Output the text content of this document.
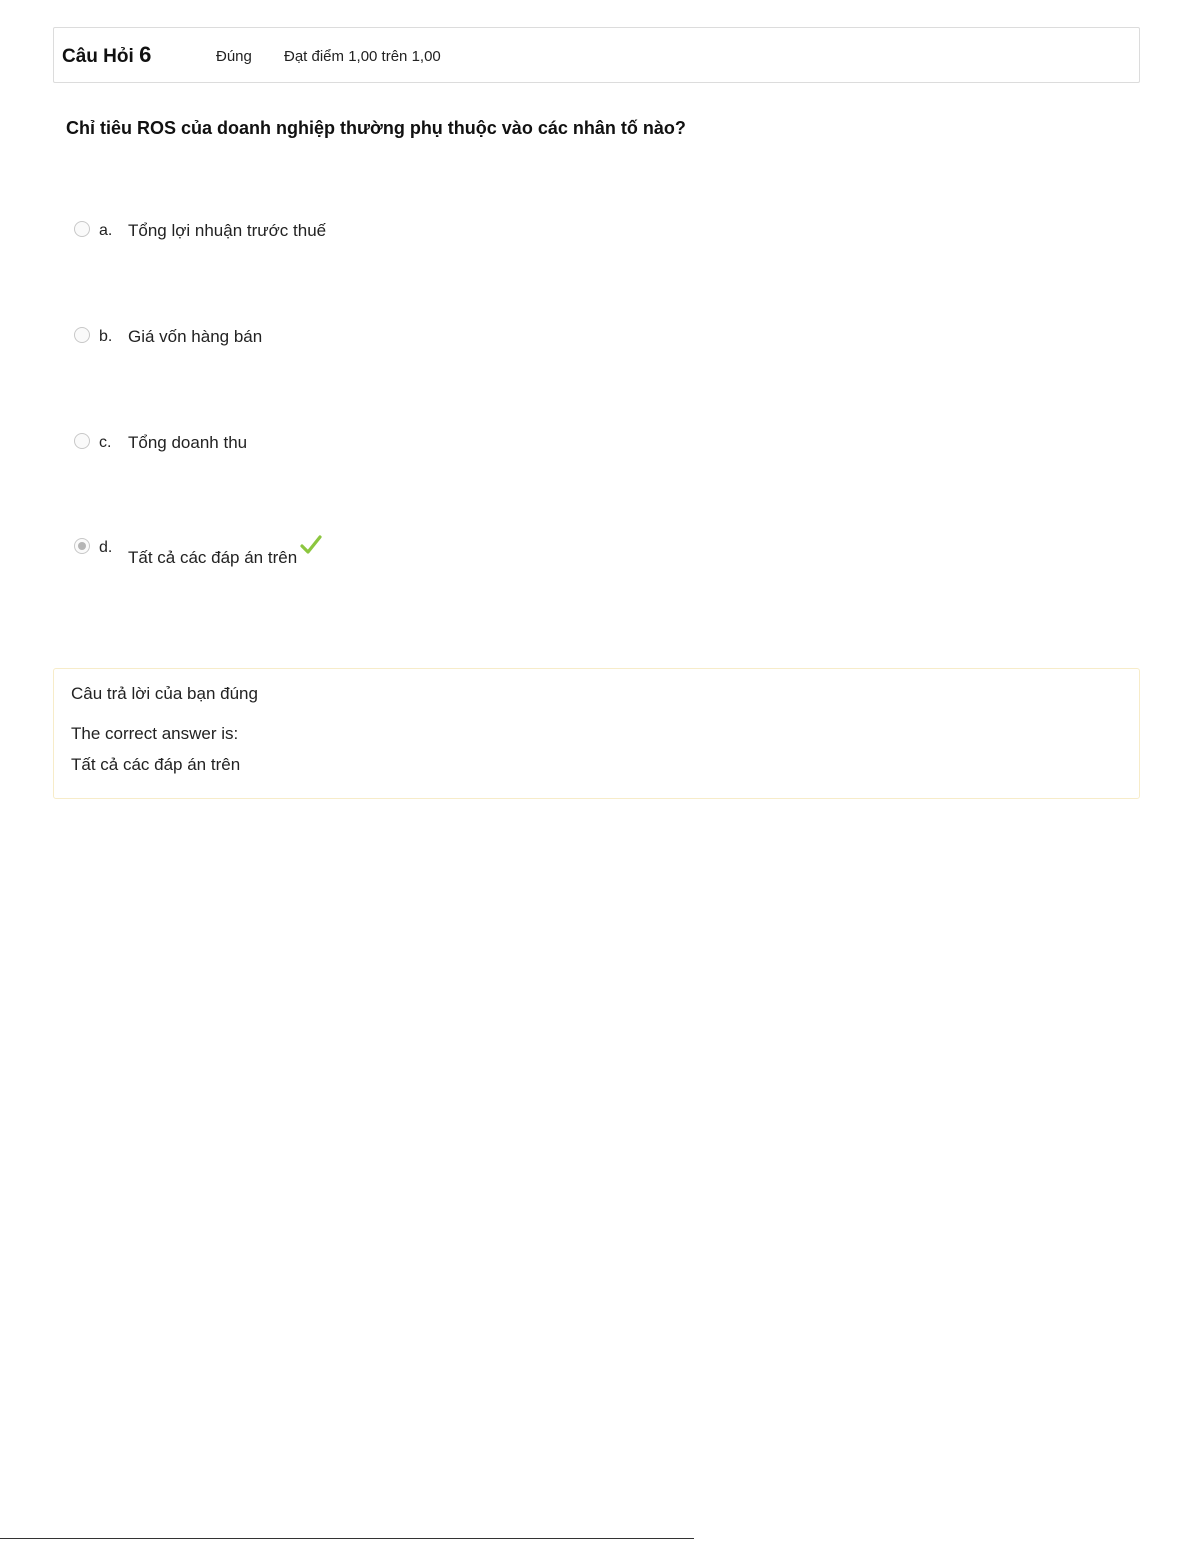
Câu Hỏi 6	Đúng Đạt điểm 1,00 trên 1,00
Chỉ tiêu ROS của doanh nghiệp thường phụ thuộc vào các nhân tố nào?
a. Tổng lợi nhuận trước thuế
b. Giá vốn hàng bán
c. Tổng doanh thu
d.
Tất cả các đáp án trên
Câu trả lời của bạn đúng
The correct answer is:
Tất cả các đáp án trên
